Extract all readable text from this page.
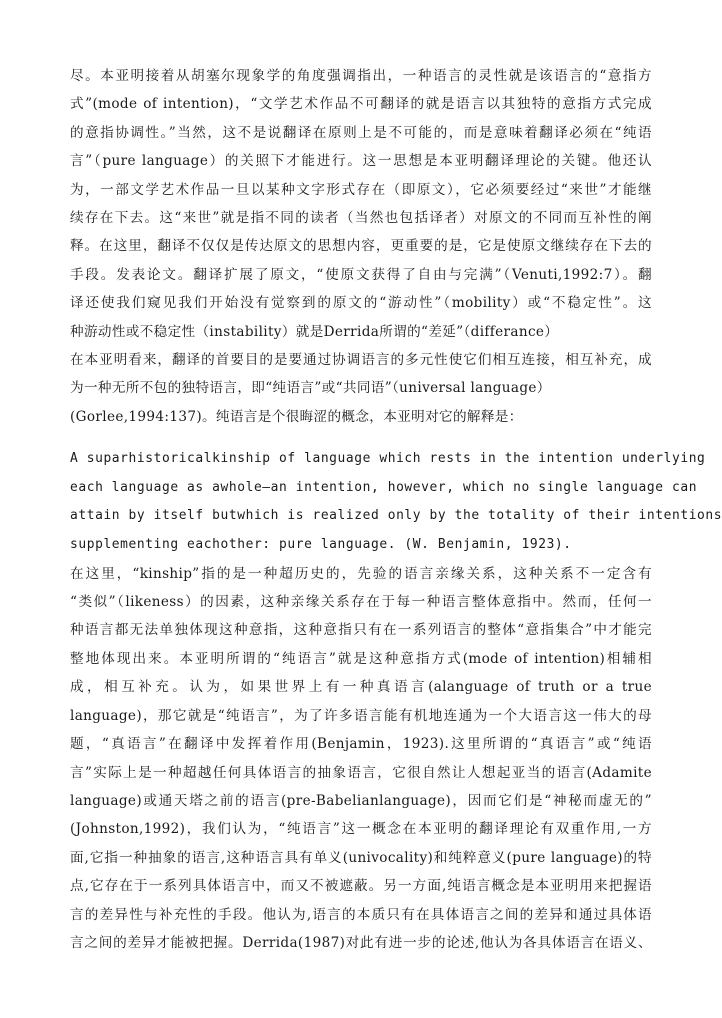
尽。本亚明接着从胡塞尔现象学的角度强调指出，一种语言的灵性就是该语言的“意指方
式”(mode of intention)，“文学艺术作品不可翻译的就是语言以其独特的意指方式完成
的意指协调性。”当然，这不是说翻译在原则上是不可能的，而是意味着翻译必须在“纯语
言”（pure language）的关照下才能进行。这一思想是本亚明翻译理论的关键。他还认
为，一部文学艺术作品一旦以某种文字形式存在（即原文），它必须要经过“来世”才能继
续存在下去。这“来世”就是指不同的读者（当然也包括译者）对原文的不同而互补性的阐
释。在这里，翻译不仅仅是传达原文的思想内容，更重要的是，它是使原文继续存在下去的
手段。发表论文。翻译扩展了原文，“使原文获得了自由与完满”（Venuti,1992:7）。翻
译还使我们窥见我们开始没有觉察到的原文的“游动性”（mobility）或“不稳定性”。这
种游动性或不稳定性（instability）就是Derrida所谓的“差延”（differance）
在本亚明看来，翻译的首要目的是要通过协调语言的多元性使它们相互连接，相互补充，成
为一种无所不包的独特语言，即“纯语言”或“共同语”（universal language）
(Gorlee,1994:137)。纯语言是个很晦涩的概念，本亚明对它的解释是：
A suparhistoricalkinship of language which rests in the intention underlying
each language as awhole—an intention, however, which no single language can
attain by itself butwhich is realized only by the totality of their intentions
supplementing eachother: pure language. (W. Benjamin, 1923).
在这里，“kinship”指的是一种超历史的，先验的语言亲缘关系，这种关系不一定含有
“类似”（likeness）的因素，这种亲缘关系存在于每一种语言整体意指中。然而，任何一
种语言都无法单独体现这种意指，这种意指只有在一系列语言的整体“意指集合”中才能完
整地体现出来。本亚明所谓的“纯语言”就是这种意指方式(mode of intention)相辅相
成，相互补充。认为，如果世界上有一种真语言(alanguage of truth or a true
language)，那它就是“纯语言”，为了许多语言能有机地连通为一个大语言这一伟大的母
题，“真语言”在翻译中发挥着作用(Benjamin，1923).这里所谓的“真语言”或“纯语
言”实际上是一种超越任何具体语言的抽象语言，它很自然让人想起亚当的语言(Adamite
language)或通天塔之前的语言(pre-Babelianlanguage)，因而它们是“神秘而虚无的”
(Johnston,1992)，我们认为，“纯语言”这一概念在本亚明的翻译理论有双重作用,一方
面,它指一种抽象的语言,这种语言具有单义(univocality)和纯粹意义(pure language)的特
点,它存在于一系列具体语言中，而又不被遮蔽。另一方面,纯语言概念是本亚明用来把握语
言的差异性与补充性的手段。他认为,语言的本质只有在具体语言之间的差异和通过具体语
言之间的差异才能被把握。Derrida(1987)对此有进一步的论述,他认为各具体语言在语义、
